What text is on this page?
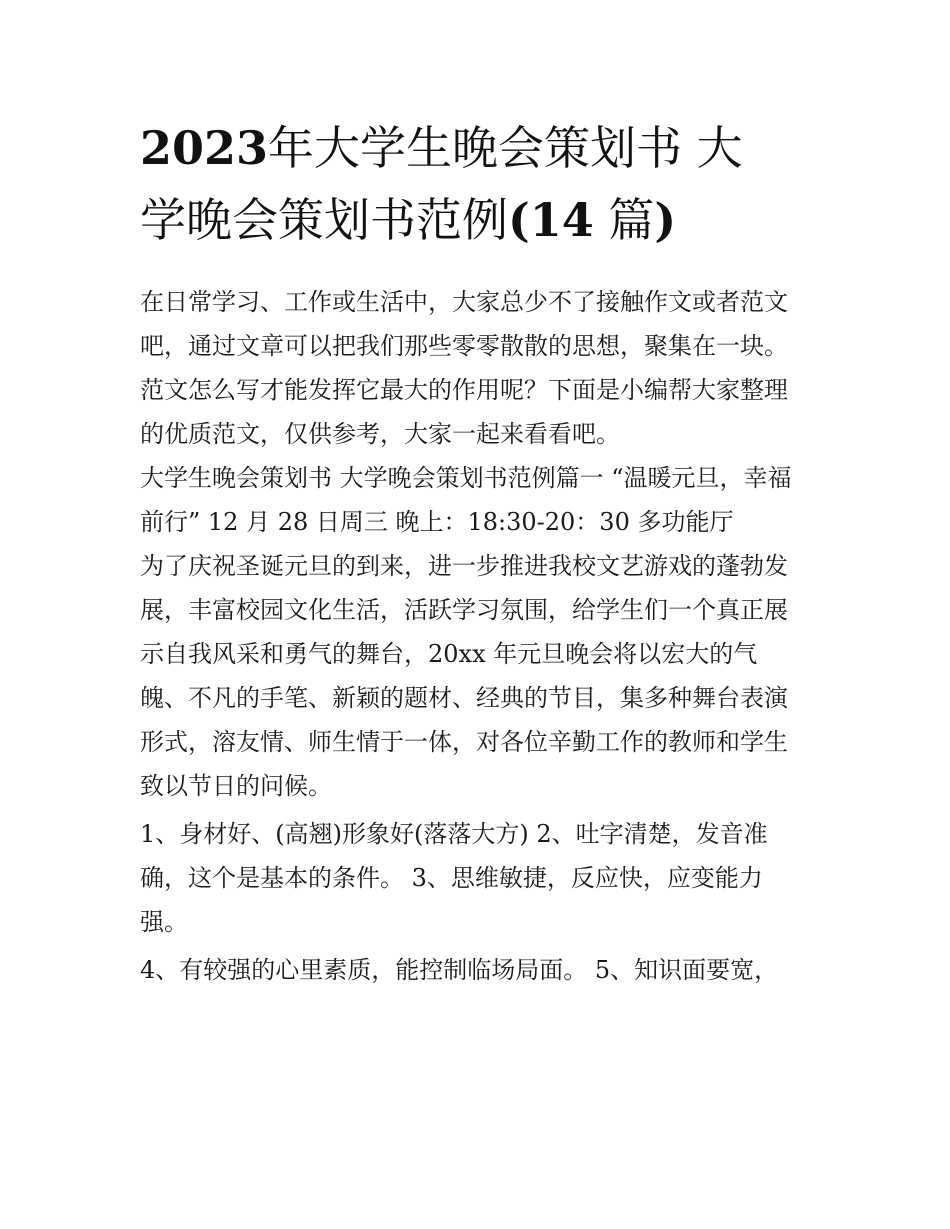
2023年大学生晚会策划书 大
学晚会策划书范例(14 篇)

在日常学习、工作或生活中，大家总少不了接触作文或者范文
吧，通过文章可以把我们那些零零散散的思想，聚集在一块。
范文怎么写才能发挥它最大的作用呢？下面是小编帮大家整理
的优质范文，仅供参考，大家一起来看看吧。

大学生晚会策划书 大学晚会策划书范例篇一 “温暖元旦，幸福
前行” 12 月 28 日周三 晚上：18:30-20：30 多功能厅

为了庆祝圣诞元旦的到来，进一步推进我校文艺游戏的蓬勃发
展，丰富校园文化生活，活跃学习氛围，给学生们一个真正展
示自我风采和勇气的舞台，20xx 年元旦晚会将以宏大的气
魄、不凡的手笔、新颖的题材、经典的节目，集多种舞台表演
形式，溶友情、师生情于一体，对各位辛勤工作的教师和学生
致以节日的问候。

1、身材好、(高翘)形象好(落落大方) 2、吐字清楚，发音准
确，这个是基本的条件。 3、思维敏捷，反应快，应变能力
强。

4、有较强的心里素质，能控制临场局面。 5、知识面要宽，
